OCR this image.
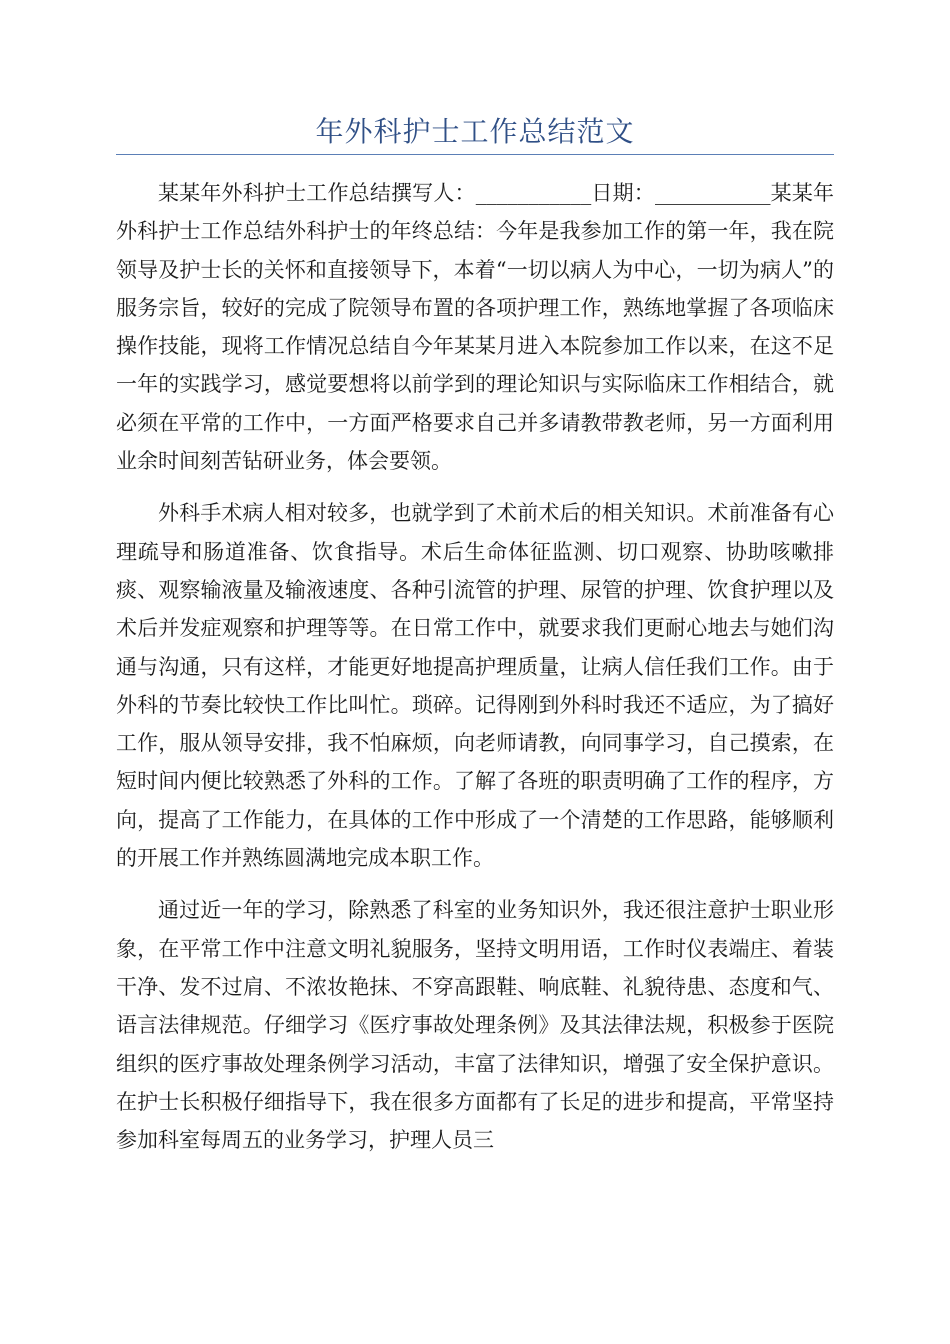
年外科护士工作总结范文

某某年外科护士工作总结撰写人：___________日期：___________某某年外科护士工作总结外科护士的年终总结：今年是我参加工作的第一年，我在院领导及护士长的关怀和直接领导下，本着“一切以病人为中心，一切为病人”的服务宗旨，较好的完成了院领导布置的各项护理工作，熟练地掌握了各项临床操作技能，现将工作情况总结自今年某某月进入本院参加工作以来，在这不足一年的实践学习，感觉要想将以前学到的理论知识与实际临床工作相结合，就必须在平常的工作中，一方面严格要求自己并多请教带教老师，另一方面利用业余时间刻苦钻研业务，体会要领。

外科手术病人相对较多，也就学到了术前术后的相关知识。术前准备有心理疏导和肠道准备、饮食指导。术后生命体征监测、切口观察、协助咳嗽排痰、观察输液量及输液速度、各种引流管的护理、尿管的护理、饮食护理以及术后并发症观察和护理等等。在日常工作中，就要求我们更耐心地去与她们沟通与沟通，只有这样，才能更好地提高护理质量，让病人信任我们工作。由于外科的节奏比较快工作比叫忙。琐碎。记得刚到外科时我还不适应，为了搞好工作，服从领导安排，我不怕麻烦，向老师请教，向同事学习，自己摸索，在短时间内便比较熟悉了外科的工作。了解了各班的职责明确了工作的程序，方向，提高了工作能力，在具体的工作中形成了一个清楚的工作思路，能够顺利的开展工作并熟练圆满地完成本职工作。

通过近一年的学习，除熟悉了科室的业务知识外，我还很注意护士职业形象，在平常工作中注意文明礼貌服务，坚持文明用语，工作时仪表端庄、着装干净、发不过肩、不浓妆艳抹、不穿高跟鞋、响底鞋、礼貌待患、态度和气、语言法律规范。仔细学习《医疗事故处理条例》及其法律法规，积极参于医院组织的医疗事故处理条例学习活动，丰富了法律知识，增强了安全保护意识。在护士长积极仔细指导下，我在很多方面都有了长足的进步和提高，平常坚持参加科室每周五的业务学习，护理人员三
